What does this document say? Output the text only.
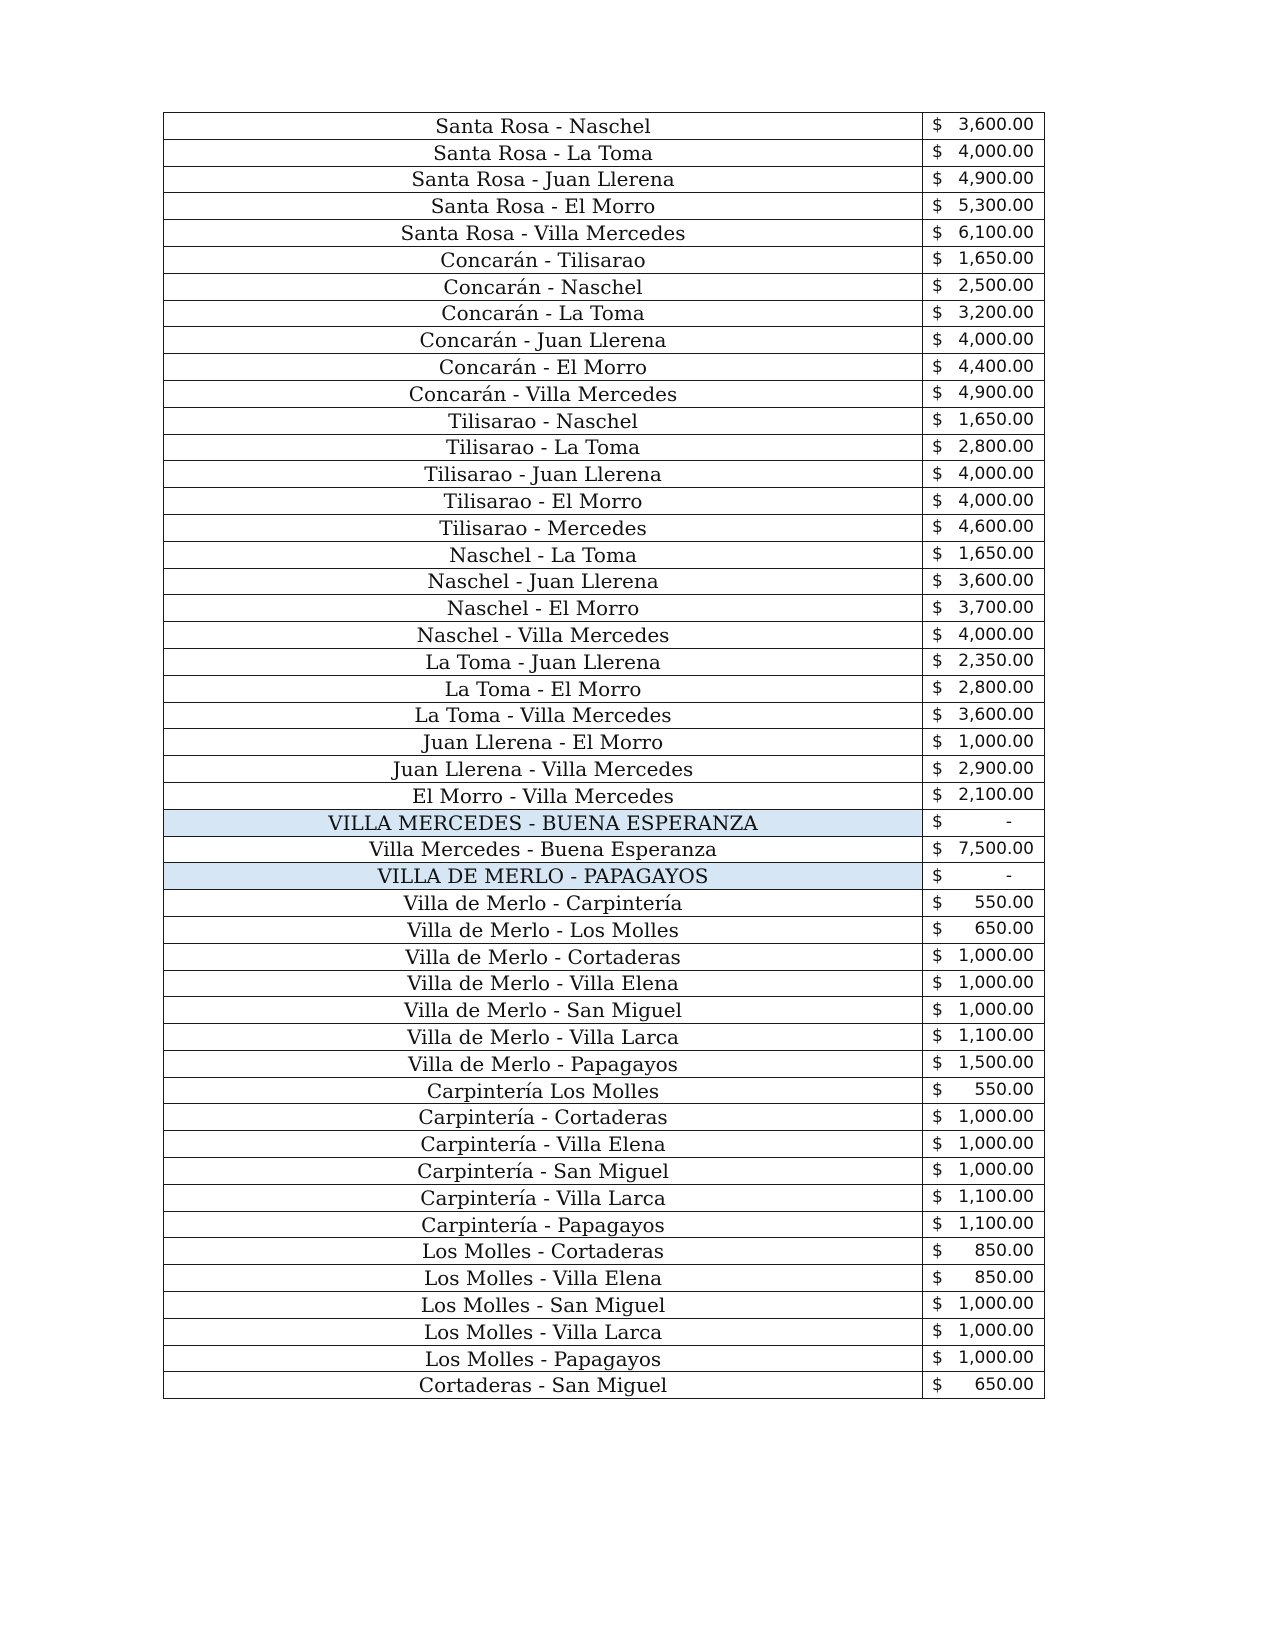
Santa Rosa - Naschel	$ 3,600.00

Santa Rosa - La Toma	$ 4,000.00

Santa Rosa - Juan Llerena	$ 4,900.00

Santa Rosa - El Morro	$ 5,300.00

Santa Rosa - Villa Mercedes	$ 6,100.00

Concarán - Tilisarao	$ 1,650.00

Concarán - Naschel	$ 2,500.00

Concarán - La Toma	$ 3,200.00

Concarán - Juan Llerena	$ 4,000.00

Concarán - El Morro	$ 4,400.00

Concarán - Villa Mercedes	$ 4,900.00

Tilisarao - Naschel	$ 1,650.00

Tilisarao - La Toma	$ 2,800.00

Tilisarao - Juan Llerena	$ 4,000.00

Tilisarao - El Morro	$ 4,000.00

Tilisarao - Mercedes	$ 4,600.00

Naschel - La Toma	$ 1,650.00

Naschel - Juan Llerena	$ 3,600.00

Naschel - El Morro	$ 3,700.00

Naschel - Villa Mercedes	$ 4,000.00

La Toma - Juan Llerena	$ 2,350.00

La Toma - El Morro	$ 2,800.00

La Toma - Villa Mercedes	$ 3,600.00

Juan Llerena - El Morro	$ 1,000.00

Juan Llerena - Villa Mercedes	$ 2,900.00

El Morro - Villa Mercedes	$ 2,100.00

VILLA MERCEDES - BUENA ESPERANZA	$ -

Villa Mercedes - Buena Esperanza	$ 7,500.00

VILLA DE MERLO - PAPAGAYOS	$ -

Villa de Merlo - Carpintería	$ 550.00

Villa de Merlo - Los Molles	$ 650.00

Villa de Merlo - Cortaderas	$ 1,000.00

Villa de Merlo - Villa Elena	$ 1,000.00

Villa de Merlo - San Miguel	$ 1,000.00

Villa de Merlo - Villa Larca	$ 1,100.00

Villa de Merlo - Papagayos	$ 1,500.00

Carpintería Los Molles	$ 550.00

Carpintería - Cortaderas	$ 1,000.00

Carpintería - Villa Elena	$ 1,000.00

Carpintería - San Miguel	$ 1,000.00

Carpintería - Villa Larca	$ 1,100.00

Carpintería - Papagayos	$ 1,100.00

Los Molles - Cortaderas	$ 850.00

Los Molles - Villa Elena	$ 850.00

Los Molles - San Miguel	$ 1,000.00

Los Molles - Villa Larca	$ 1,000.00

Los Molles - Papagayos	$ 1,000.00

Cortaderas - San Miguel	$ 650.00
